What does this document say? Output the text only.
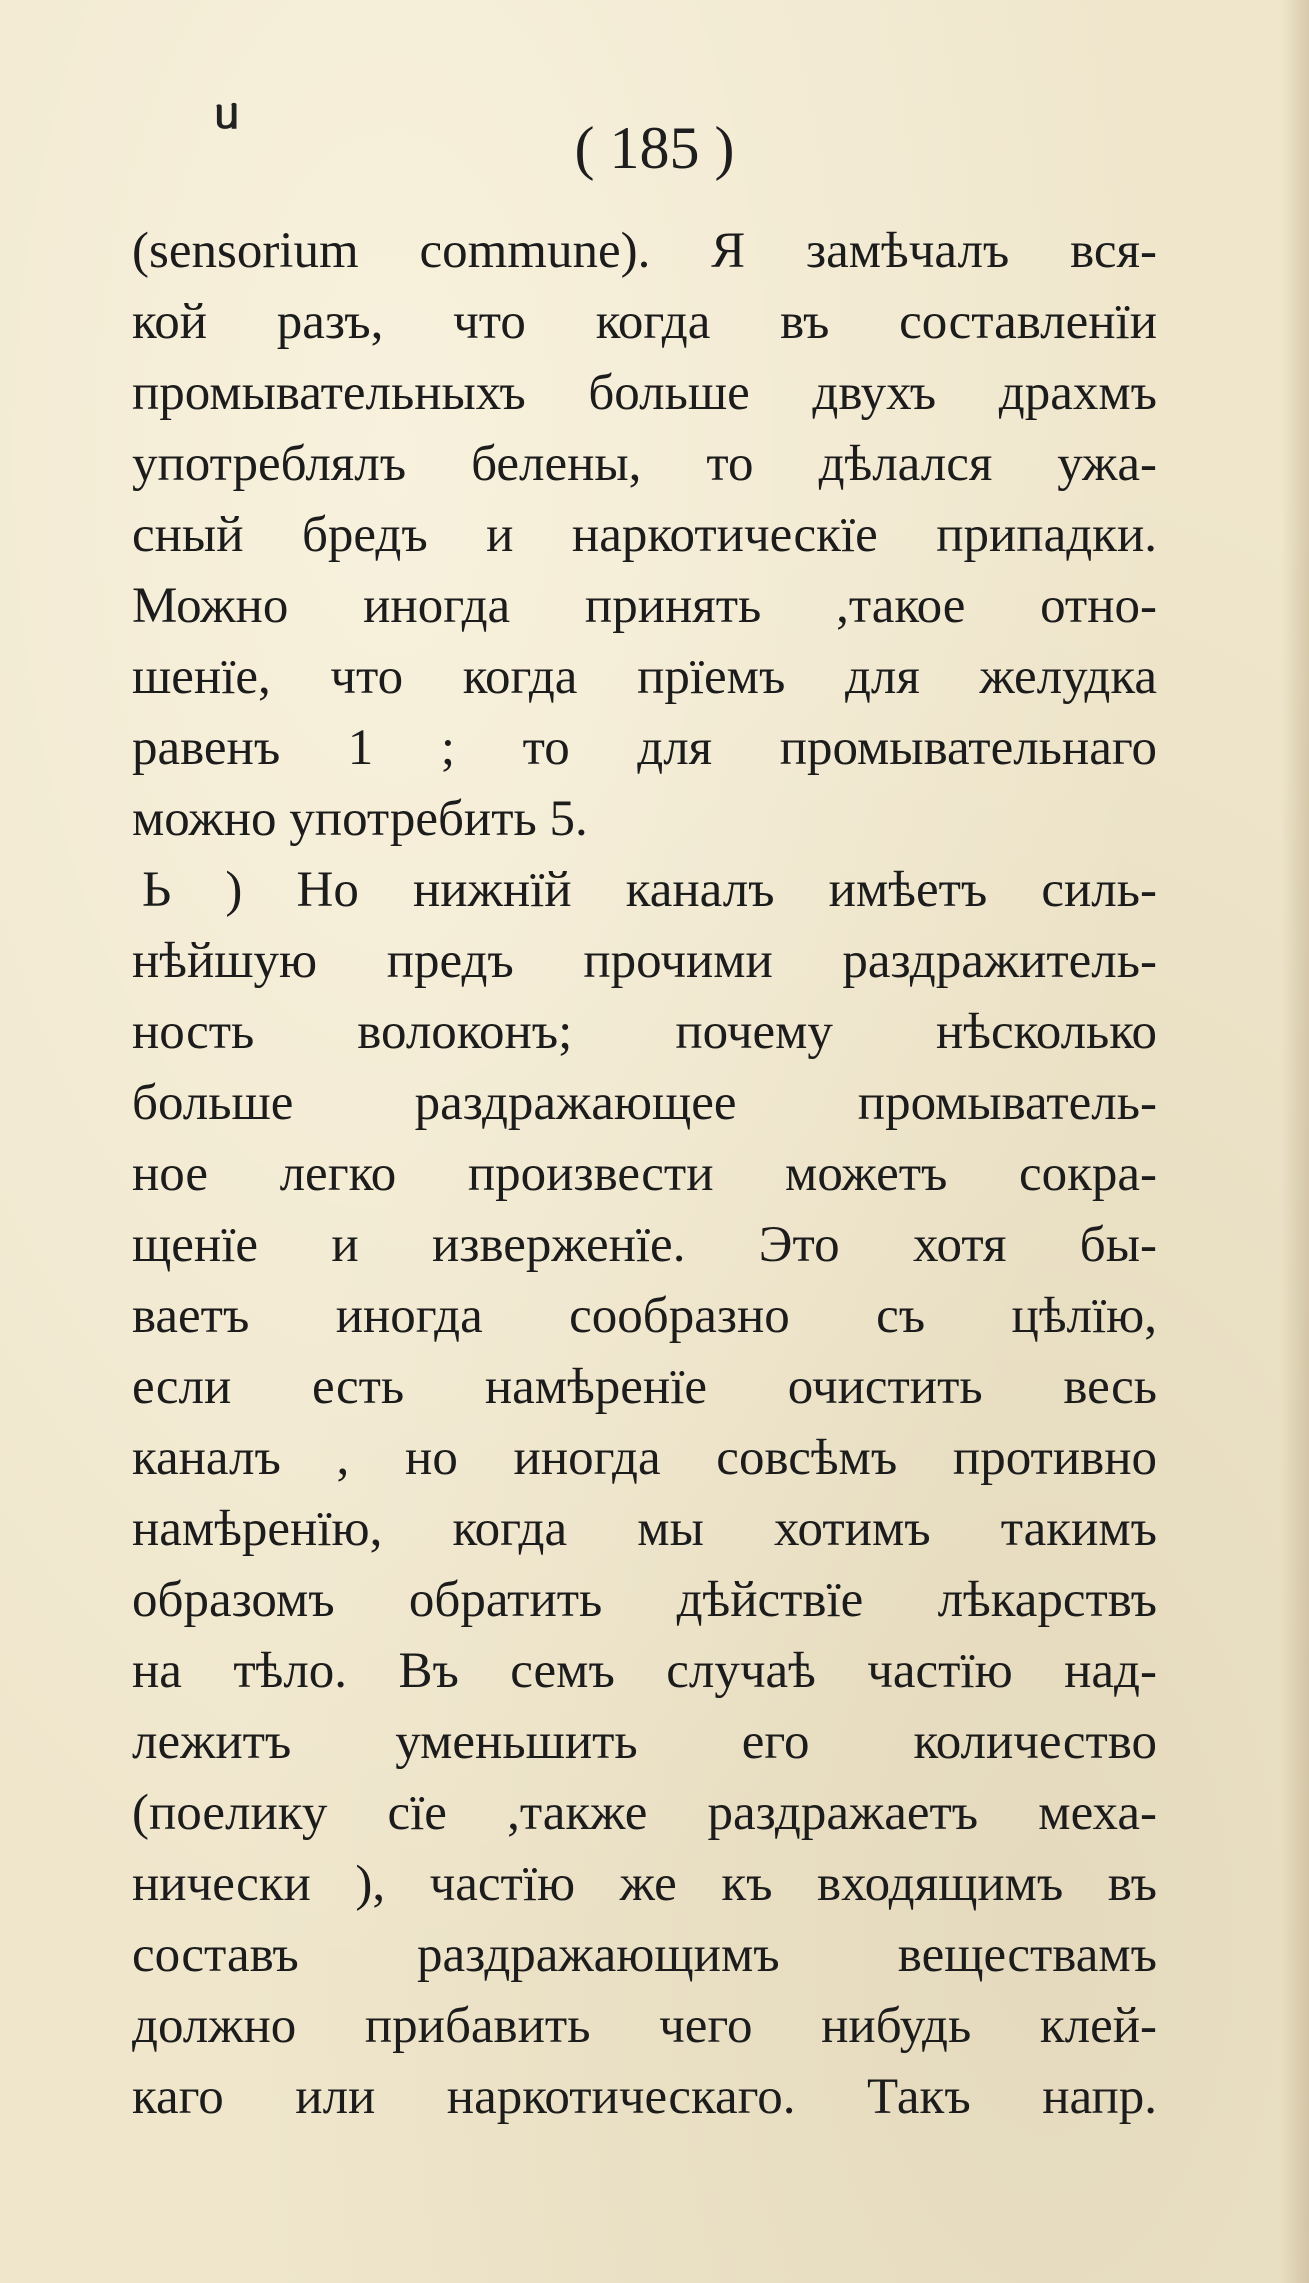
ᥙ
( 185 )
(sensorium commune). Я замѣчалъ вся-
кой разъ, что когда въ составленїи
промывательныхъ больше двухъ драхмъ
употреблялъ белены, то дѣлался ужа-
сный бредъ и наркотическїе припадки.
Можно иногда принять ,такое отно-
шенїе, что когда прїемъ для желудка
равенъ 1 ; то для промывательнаго
можно употребить 5.
Ь ) Но нижнїй каналъ имѣетъ силь-
нѣйшую предъ прочими раздражитель-
ность волоконъ; почему нѣсколько
больше раздражающее промыватель-
ное легко произвести можетъ сокра-
щенїе и изверженїе. Это хотя бы-
ваетъ иногда сообразно съ цѣлїю,
если есть намѣренїе очистить весь
каналъ , но иногда совсѣмъ противно
намѣренїю, когда мы хотимъ такимъ
образомъ обратить дѣйствїе лѣкарствъ
на тѣло. Въ семъ случаѣ частїю над-
лежитъ уменьшить его количество
(поелику сїе ,также раздражаетъ меха-
нически ), частїю же къ входящимъ въ
составъ раздражающимъ веществамъ
должно прибавить чего нибудь клей-
каго или наркотическаго. Такъ напр.
